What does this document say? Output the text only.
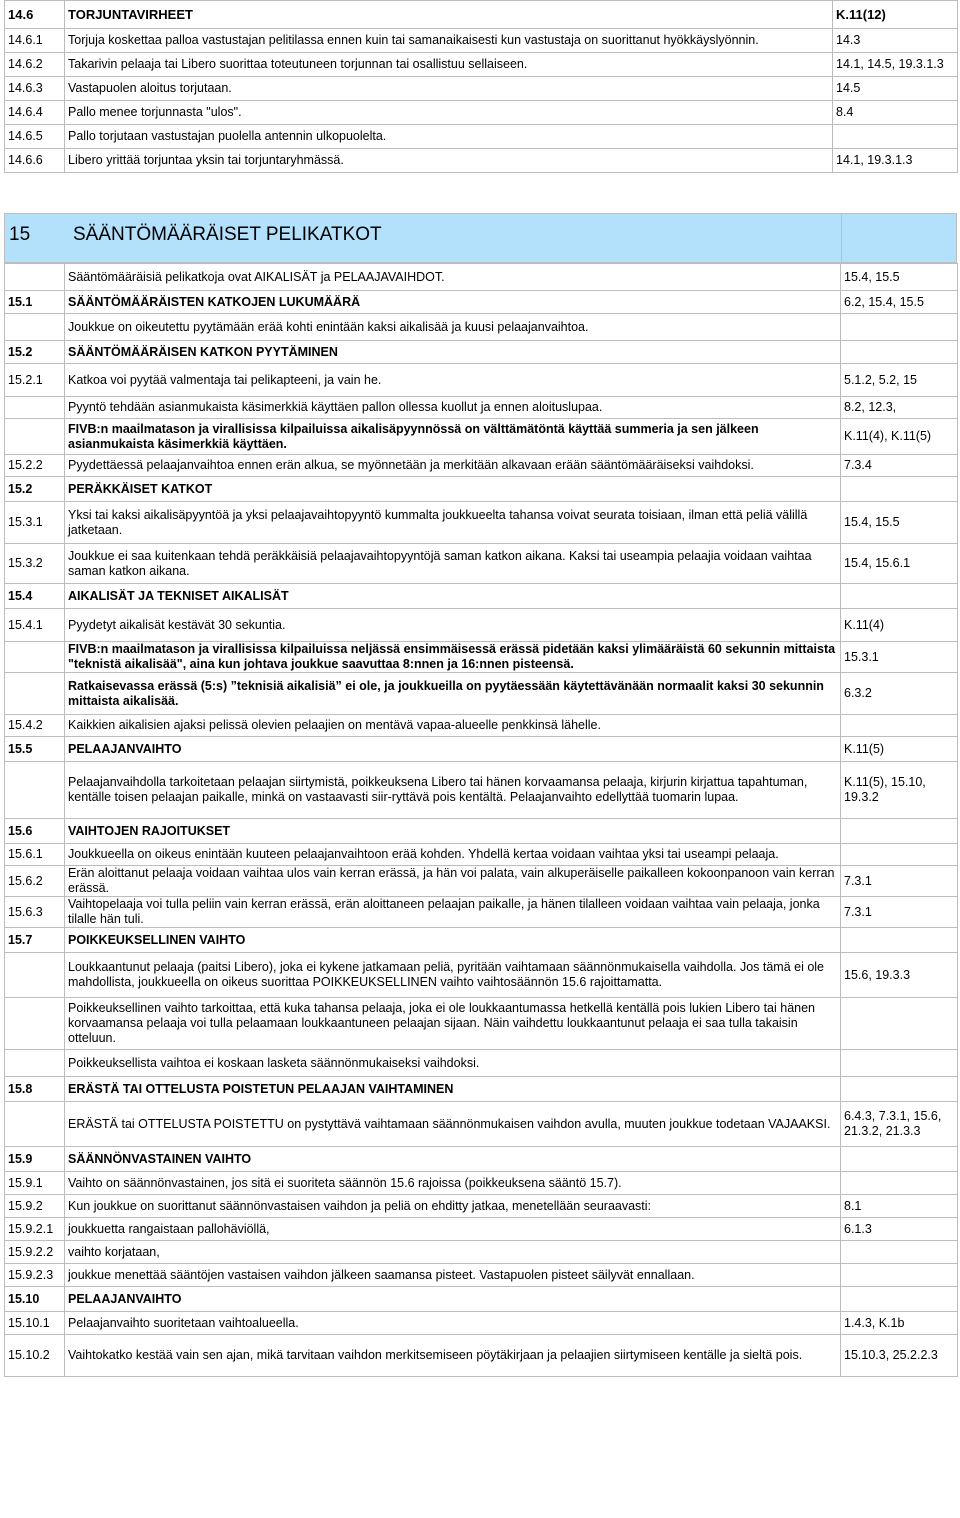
14.6	TORJUNTAVIRHEET	K.11(12)
14.6.1	Torjuja koskettaa palloa vastustajan pelitilassa ennen kuin tai samanaikaisesti kun vastustaja on suorittanut hyökkäyslyönnin.	14.3
14.6.2	Takarivin pelaaja tai Libero suorittaa toteutuneen torjunnan tai osallistuu sellaiseen.	14.1, 14.5, 19.3.1.3
14.6.3	Vastapuolen aloitus torjutaan.	14.5
14.6.4	Pallo menee torjunnasta "ulos".	8.4
14.6.5	Pallo torjutaan vastustajan puolella antennin ulkopuolelta.	
14.6.6	Libero yrittää torjuntaa yksin tai torjuntaryhmässä.	14.1, 19.3.1.3
15 SÄÄNTÖMÄÄRÄISET PELIKATKOT
	Sääntömääräisiä pelikatkoja ovat AIKALISÄT ja PELAAJAVAIHDOT.	15.4, 15.5
15.1	SÄÄNTÖMÄÄRÄISTEN KATKOJEN LUKUMÄÄRÄ	6.2, 15.4, 15.5
	Joukkue on oikeutettu pyytämään erää kohti enintään kaksi aikalisää ja kuusi pelaajanvaihtoa.	
15.2	SÄÄNTÖMÄÄRÄISEN KATKON PYYTÄMINEN	
15.2.1	Katkoa voi pyytää valmentaja tai pelikapteeni, ja vain he.	5.1.2, 5.2, 15
	Pyyntö tehdään asianmukaista käsimerkkiä käyttäen pallon ollessa kuollut ja ennen aloituslupaa.	8.2, 12.3,
	FIVB:n maailmatason ja virallisissa kilpailuissa aikalisäpyynnössä on välttämätöntä käyttää summeria ja sen jälkeen asianmukaista käsimerkkiä käyttäen.	K.11(4), K.11(5)
15.2.2	Pyydettäessä pelaajanvaihtoa ennen erän alkua, se myönnetään ja merkitään alkavaan erään sääntömääräiseksi vaihdoksi.	7.3.4
15.2	PERÄKKÄISET KATKOT	
15.3.1	Yksi tai kaksi aikalisäpyyntöä ja yksi pelaajavaihtopyyntö kummalta joukkueelta tahansa voivat seurata toisiaan, ilman että peliä välillä jatketaan.	15.4, 15.5
15.3.2	Joukkue ei saa kuitenkaan tehdä peräkkäisiä pelaajavaihtopyyntöjä saman katkon aikana. Kaksi tai useampia pelaajia voidaan vaihtaa saman katkon aikana.	15.4, 15.6.1
15.4	AIKALISÄT JA TEKNISET AIKALISÄT	
15.4.1	Pyydetyt aikalisät kestävät 30 sekuntia.	K.11(4)
	FIVB:n maailmatason ja virallisissa kilpailuissa neljässä ensimmäisessä erässä pidetään kaksi ylimääräistä 60 sekunnin mittaista "teknistä aikalisää", aina kun johtava joukkue saavuttaa 8:nnen ja 16:nnen pisteensä.	15.3.1
	Ratkaisevassa erässä (5:s) ”teknisiä aikalisiä” ei ole, ja joukkueilla on pyytäessään käytettävänään normaalit kaksi 30 sekunnin mittaista aikalisää.	6.3.2
15.4.2	Kaikkien aikalisien ajaksi pelissä olevien pelaajien on mentävä vapaa-alueelle penkkinsä lähelle.	
15.5	PELAAJANVAIHTO	K.11(5)
	Pelaajanvaihdolla tarkoitetaan pelaajan siirtymistä, poikkeuksena Libero tai hänen korvaamansa pelaaja, kirjurin kirjattua tapahtuman, kentälle toisen pelaajan paikalle, minkä on vastaavasti siir-ryttävä pois kentältä. Pelaajanvaihto edellyttää tuomarin lupaa.	K.11(5), 15.10, 19.3.2
15.6	VAIHTOJEN RAJOITUKSET	
15.6.1	Joukkueella on oikeus enintään kuuteen pelaajanvaihtoon erää kohden. Yhdellä kertaa voidaan vaihtaa yksi tai useampi pelaaja.	
15.6.2	Erän aloittanut pelaaja voidaan vaihtaa ulos vain kerran erässä, ja hän voi palata, vain alkuperäiselle paikalleen kokoonpanoon vain kerran erässä.	7.3.1
15.6.3	Vaihtopelaaja voi tulla peliin vain kerran erässä, erän aloittaneen pelaajan paikalle, ja hänen tilalleen voidaan vaihtaa vain pelaaja, jonka tilalle hän tuli.	7.3.1
15.7	POIKKEUKSELLINEN VAIHTO	
	Loukkaantunut pelaaja (paitsi Libero), joka ei kykene jatkamaan peliä, pyritään vaihtamaan säännönmukaisella vaihdolla. Jos tämä ei ole mahdollista, joukkueella on oikeus suorittaa POIKKEUKSELLINEN vaihto vaihtosäännön 15.6 rajoittamatta.	15.6, 19.3.3
	Poikkeuksellinen vaihto tarkoittaa, että kuka tahansa pelaaja, joka ei ole loukkaantumassa hetkellä kentällä pois lukien Libero tai hänen korvaamansa pelaaja voi tulla pelaamaan loukkaantuneen pelaajan sijaan. Näin vaihdettu loukkaantunut pelaaja ei saa tulla takaisin otteluun.	
	Poikkeuksellista vaihtoa ei koskaan lasketa säännönmukaiseksi vaihdoksi.	
15.8	ERÄSTÄ TAI OTTELUSTA POISTETUN PELAAJAN VAIHTAMINEN	
	ERÄSTÄ tai OTTELUSTA POISTETTU on pystyttävä vaihtamaan säännönmukaisen vaihdon avulla, muuten joukkue todetaan VAJAAKSI.	6.4.3, 7.3.1, 15.6, 21.3.2, 21.3.3
15.9	SÄÄNNÖNVASTAINEN VAIHTO	
15.9.1	Vaihto on säännönvastainen, jos sitä ei suoriteta säännön 15.6 rajoissa (poikkeuksena sääntö 15.7).	
15.9.2	Kun joukkue on suorittanut säännönvastaisen vaihdon ja peliä on ehditty jatkaa, menetellään seuraavasti:	8.1
15.9.2.1	joukkuetta rangaistaan pallohäviöllä,	6.1.3
15.9.2.2	vaihto korjataan,	
15.9.2.3	joukkue menettää sääntöjen vastaisen vaihdon jälkeen saamansa pisteet. Vastapuolen pisteet säilyvät ennallaan.	
15.10	PELAAJANVAIHTO	
15.10.1	Pelaajanvaihto suoritetaan vaihtoalueella.	1.4.3, K.1b
15.10.2	Vaihtokatko kestää vain sen ajan, mikä tarvitaan vaihdon merkitsemiseen pöytäkirjaan ja pelaajien siirtymiseen kentälle ja sieltä pois.	15.10.3, 25.2.2.3
